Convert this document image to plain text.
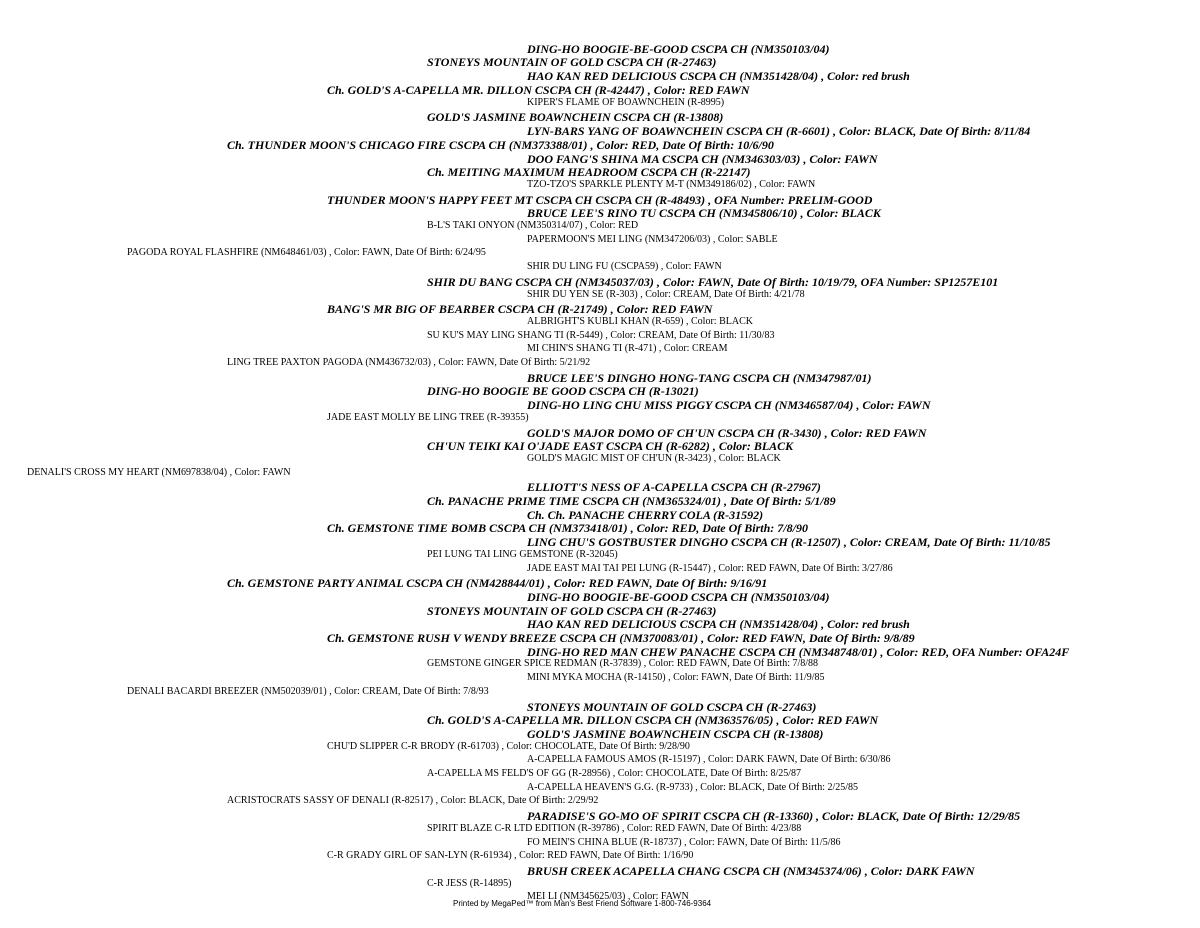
DING-HO BOOGIE-BE-GOOD CSCPA CH (NM350103/04)
STONEYS MOUNTAIN OF GOLD CSCPA CH (R-27463)
HAO KAN RED DELICIOUS CSCPA CH (NM351428/04) , Color: red brush
Ch. GOLD'S A-CAPELLA MR. DILLON CSCPA CH (R-42447) , Color: RED FAWN
KIPER'S FLAME OF BOAWNCHEIN (R-8995)
GOLD'S JASMINE BOAWNCHEIN CSCPA CH (R-13808)
LYN-BARS YANG OF BOAWNCHEIN CSCPA CH (R-6601) , Color: BLACK, Date Of Birth: 8/11/84
Ch. THUNDER MOON'S CHICAGO FIRE CSCPA CH (NM373388/01) , Color: RED, Date Of Birth: 10/6/90
DOO FANG'S SHINA MA CSCPA CH (NM346303/03) , Color: FAWN
Ch. MEITING MAXIMUM HEADROOM CSCPA CH (R-22147)
TZO-TZO'S SPARKLE PLENTY M-T (NM349186/02) , Color: FAWN
THUNDER MOON'S HAPPY FEET MT CSCPA CH CSCPA CH (R-48493) , OFA Number: PRELIM-GOOD
BRUCE LEE'S RINO TU CSCPA CH (NM345806/10) , Color: BLACK
B-L'S TAKI ONYON (NM350314/07) , Color: RED
PAPERMOON'S MEI LING (NM347206/03) , Color: SABLE
PAGODA ROYAL FLASHFIRE (NM648461/03) , Color: FAWN, Date Of Birth: 6/24/95
SHIR DU LING FU (CSCPA59) , Color: FAWN
SHIR DU BANG CSCPA CH (NM345037/03) , Color: FAWN, Date Of Birth: 10/19/79, OFA Number: SP1257E101
SHIR DU YEN SE (R-303) , Color: CREAM, Date Of Birth: 4/21/78
BANG'S MR BIG OF BEARBER CSCPA CH (R-21749) , Color: RED FAWN
ALBRIGHT'S KUBLI KHAN (R-659) , Color: BLACK
SU KU'S MAY LING SHANG TI (R-5449) , Color: CREAM, Date Of Birth: 11/30/83
MI CHIN'S SHANG TI (R-471) , Color: CREAM
LING TREE PAXTON PAGODA (NM436732/03) , Color: FAWN, Date Of Birth: 5/21/92
BRUCE LEE'S DINGHO HONG-TANG CSCPA CH (NM347987/01)
DING-HO BOOGIE BE GOOD CSCPA CH (R-13021)
DING-HO LING CHU MISS PIGGY CSCPA CH (NM346587/04) , Color: FAWN
JADE EAST MOLLY BE LING TREE (R-39355)
GOLD'S MAJOR DOMO OF CH'UN CSCPA CH (R-3430) , Color: RED FAWN
CH'UN TEIKI KAI O'JADE EAST CSCPA CH (R-6282) , Color: BLACK
GOLD'S MAGIC MIST OF CH'UN (R-3423) , Color: BLACK
DENALI'S CROSS MY HEART (NM697838/04) , Color: FAWN
ELLIOTT'S NESS OF A-CAPELLA CSCPA CH (R-27967)
Ch. PANACHE PRIME TIME CSCPA CH (NM365324/01) , Date Of Birth: 5/1/89
Ch. Ch. PANACHE CHERRY COLA (R-31592)
Ch. GEMSTONE TIME BOMB CSCPA CH (NM373418/01) , Color: RED, Date Of Birth: 7/8/90
LING CHU'S GOSTBUSTER DINGHO CSCPA CH (R-12507) , Color: CREAM, Date Of Birth: 11/10/85
PEI LUNG TAI LING GEMSTONE (R-32045)
JADE EAST MAI TAI PEI LUNG (R-15447) , Color: RED FAWN, Date Of Birth: 3/27/86
Ch. GEMSTONE PARTY ANIMAL CSCPA CH (NM428844/01) , Color: RED FAWN, Date Of Birth: 9/16/91
DING-HO BOOGIE-BE-GOOD CSCPA CH (NM350103/04)
STONEYS MOUNTAIN OF GOLD CSCPA CH (R-27463)
HAO KAN RED DELICIOUS CSCPA CH (NM351428/04) , Color: red brush
Ch. GEMSTONE RUSH V WENDY BREEZE CSCPA CH (NM370083/01) , Color: RED FAWN, Date Of Birth: 9/8/89
DING-HO RED MAN CHEW PANACHE CSCPA CH (NM348748/01) , Color: RED, OFA Number: OFA24F
GEMSTONE GINGER SPICE REDMAN (R-37839) , Color: RED FAWN, Date Of Birth: 7/8/88
MINI MYKA MOCHA (R-14150) , Color: FAWN, Date Of Birth: 11/9/85
DENALI BACARDI BREEZER (NM502039/01) , Color: CREAM, Date Of Birth: 7/8/93
STONEYS MOUNTAIN OF GOLD CSCPA CH (R-27463)
Ch. GOLD'S A-CAPELLA MR. DILLON CSCPA CH (NM363576/05) , Color: RED FAWN
GOLD'S JASMINE BOAWNCHEIN CSCPA CH (R-13808)
CHU'D SLIPPER C-R BRODY (R-61703) , Color: CHOCOLATE, Date Of Birth: 9/28/90
A-CAPELLA FAMOUS AMOS (R-15197) , Color: DARK FAWN, Date Of Birth: 6/30/86
A-CAPELLA MS FELD'S OF GG (R-28956) , Color: CHOCOLATE, Date Of Birth: 8/25/87
A-CAPELLA HEAVEN'S G.G. (R-9733) , Color: BLACK, Date Of Birth: 2/25/85
ACRISTOCRATS SASSY OF DENALI (R-82517) , Color: BLACK, Date Of Birth: 2/29/92
PARADISE'S GO-MO OF SPIRIT CSCPA CH (R-13360) , Color: BLACK, Date Of Birth: 12/29/85
SPIRIT BLAZE C-R LTD EDITION (R-39786) , Color: RED FAWN, Date Of Birth: 4/23/88
FO MEIN'S CHINA BLUE (R-18737) , Color: FAWN, Date Of Birth: 11/5/86
C-R GRADY GIRL OF SAN-LYN (R-61934) , Color: RED FAWN, Date Of Birth: 1/16/90
BRUSH CREEK ACAPELLA CHANG CSCPA CH (NM345374/06) , Color: DARK FAWN
C-R JESS (R-14895)
MEI LI (NM345625/03) , Color: FAWN
Printed by MegaPed™ from Man's Best Friend Software 1-800-746-9364
